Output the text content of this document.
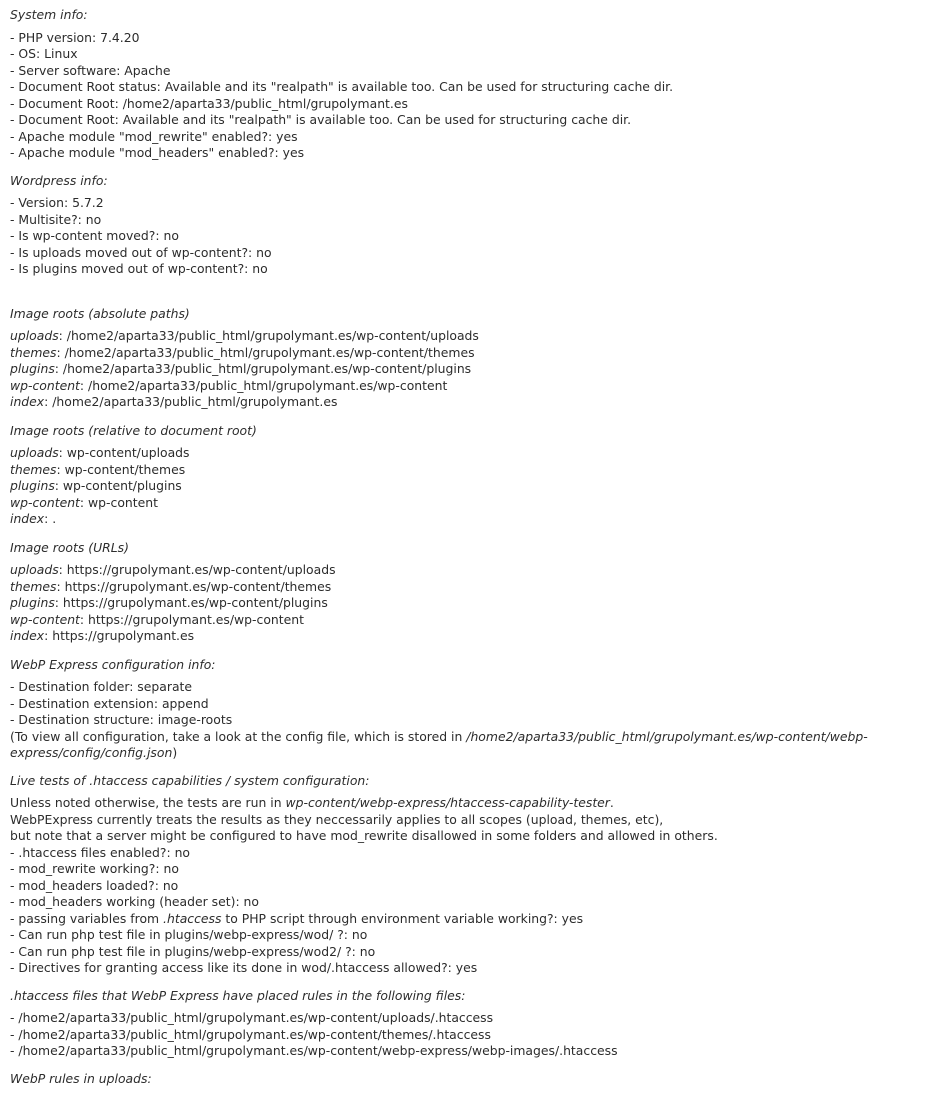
System info:
- PHP version: 7.4.20
- OS: Linux
- Server software: Apache
- Document Root status: Available and its "realpath" is available too. Can be used for structuring cache dir.
- Document Root: /home2/aparta33/public_html/grupolymant.es
- Document Root: Available and its "realpath" is available too. Can be used for structuring cache dir.
- Apache module "mod_rewrite" enabled?: yes
- Apache module "mod_headers" enabled?: yes
Wordpress info:
- Version: 5.7.2
- Multisite?: no
- Is wp-content moved?: no
- Is uploads moved out of wp-content?: no
- Is plugins moved out of wp-content?: no
Image roots (absolute paths)
uploads: /home2/aparta33/public_html/grupolymant.es/wp-content/uploads
themes: /home2/aparta33/public_html/grupolymant.es/wp-content/themes
plugins: /home2/aparta33/public_html/grupolymant.es/wp-content/plugins
wp-content: /home2/aparta33/public_html/grupolymant.es/wp-content
index: /home2/aparta33/public_html/grupolymant.es
Image roots (relative to document root)
uploads: wp-content/uploads
themes: wp-content/themes
plugins: wp-content/plugins
wp-content: wp-content
index: .
Image roots (URLs)
uploads: https://grupolymant.es/wp-content/uploads
themes: https://grupolymant.es/wp-content/themes
plugins: https://grupolymant.es/wp-content/plugins
wp-content: https://grupolymant.es/wp-content
index: https://grupolymant.es
WebP Express configuration info:
- Destination folder: separate
- Destination extension: append
- Destination structure: image-roots
(To view all configuration, take a look at the config file, which is stored in /home2/aparta33/public_html/grupolymant.es/wp-content/webp-express/config/config.json)
Live tests of .htaccess capabilities / system configuration:
Unless noted otherwise, the tests are run in wp-content/webp-express/htaccess-capability-tester.
WebPExpress currently treats the results as they neccessarily applies to all scopes (upload, themes, etc),
but note that a server might be configured to have mod_rewrite disallowed in some folders and allowed in others.
- .htaccess files enabled?: no
- mod_rewrite working?: no
- mod_headers loaded?: no
- mod_headers working (header set): no
- passing variables from .htaccess to PHP script through environment variable working?: yes
- Can run php test file in plugins/webp-express/wod/ ?: no
- Can run php test file in plugins/webp-express/wod2/ ?: no
- Directives for granting access like its done in wod/.htaccess allowed?: yes
.htaccess files that WebP Express have placed rules in the following files:
- /home2/aparta33/public_html/grupolymant.es/wp-content/uploads/.htaccess
- /home2/aparta33/public_html/grupolymant.es/wp-content/themes/.htaccess
- /home2/aparta33/public_html/grupolymant.es/wp-content/webp-express/webp-images/.htaccess
WebP rules in uploads:
